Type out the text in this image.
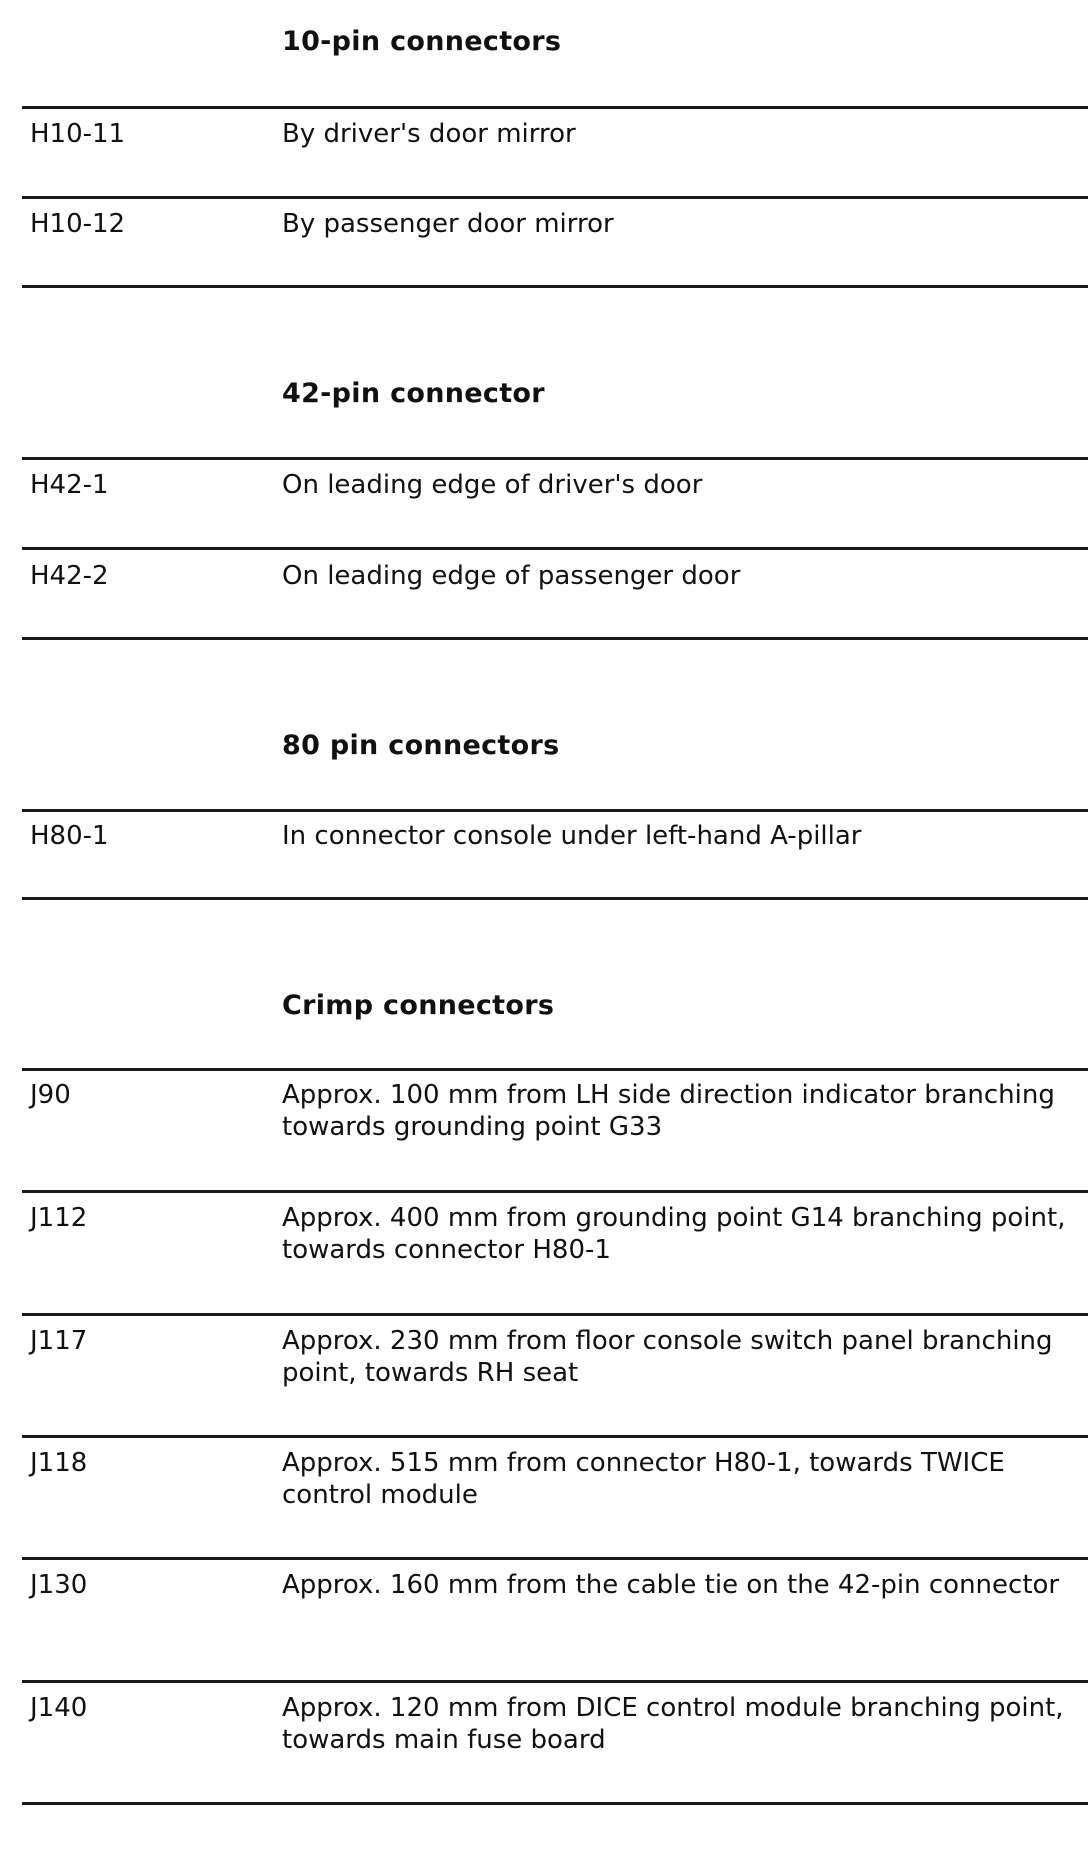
10-pin connectors
H10-11	By driver's door mirror
H10-12	By passenger door mirror
42-pin connector
H42-1	On leading edge of driver's door
H42-2	On leading edge of passenger door
80 pin connectors
H80-1	In connector console under left-hand A-pillar
Crimp connectors
J90	Approx. 100 mm from LH side direction indicator branching towards grounding point G33
J112	Approx. 400 mm from grounding point G14 branching point, towards connector H80-1
J117	Approx. 230 mm from floor console switch panel branching point, towards RH seat
J118	Approx. 515 mm from connector H80-1, towards TWICE control module
J130	Approx. 160 mm from the cable tie on the 42-pin connector
J140	Approx. 120 mm from DICE control module branching point, towards main fuse board
